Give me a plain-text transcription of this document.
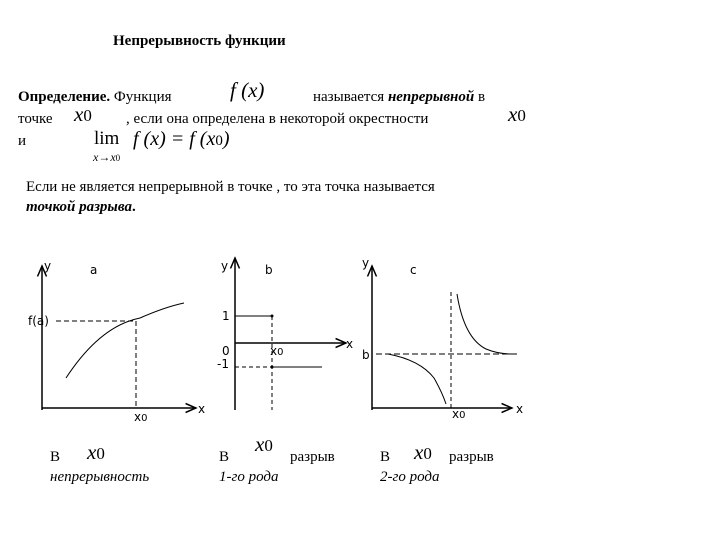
Непрерывность функции
Определение. Функция	f (x)	называется непрерывной в
точке x0 , если она определена в некоторой окрестности	x0
и	lim
x→x0
f (x) = f (x0)
Если не является непрерывной в точке , то эта точка называется
точкой разрыва.
y	a
f(a)
x0
x
y	b
1
0
-1
x0
x
y	c
b
x0	x
В x0
непрерывность
В
x0
разрыв
1-го рода
В x0 разрыв
2-го рода
